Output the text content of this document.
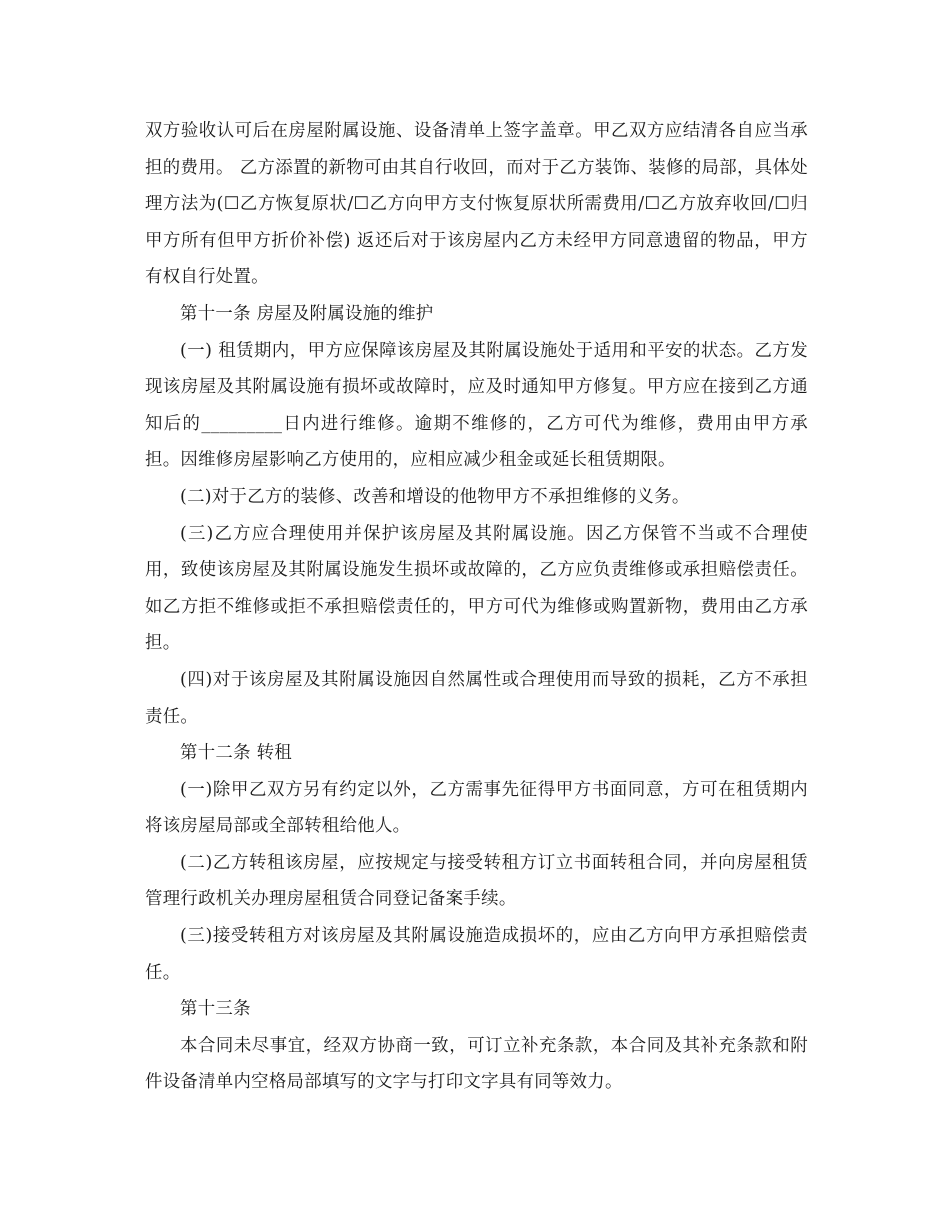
双方验收认可后在房屋附属设施、设备清单上签字盖章。甲乙双方应结清各自应当承担的费用。 乙方添置的新物可由其自行收回，而对于乙方装饰、装修的局部，具体处理方法为(☐乙方恢复原状/☐乙方向甲方支付恢复原状所需费用/☐乙方放弃收回/☐归甲方所有但甲方折价补偿) 返还后对于该房屋内乙方未经甲方同意遗留的物品，甲方有权自行处置。

第十一条 房屋及附属设施的维护

(一) 租赁期内，甲方应保障该房屋及其附属设施处于适用和平安的状态。乙方发现该房屋及其附属设施有损坏或故障时，应及时通知甲方修复。甲方应在接到乙方通知后的_________日内进行维修。逾期不维修的，乙方可代为维修，费用由甲方承担。因维修房屋影响乙方使用的，应相应减少租金或延长租赁期限。

(二)对于乙方的装修、改善和增设的他物甲方不承担维修的义务。

(三)乙方应合理使用并保护该房屋及其附属设施。因乙方保管不当或不合理使用，致使该房屋及其附属设施发生损坏或故障的，乙方应负责维修或承担赔偿责任。如乙方拒不维修或拒不承担赔偿责任的，甲方可代为维修或购置新物，费用由乙方承担。

(四)对于该房屋及其附属设施因自然属性或合理使用而导致的损耗，乙方不承担责任。

第十二条 转租

(一)除甲乙双方另有约定以外，乙方需事先征得甲方书面同意，方可在租赁期内将该房屋局部或全部转租给他人。

(二)乙方转租该房屋，应按规定与接受转租方订立书面转租合同，并向房屋租赁管理行政机关办理房屋租赁合同登记备案手续。

(三)接受转租方对该房屋及其附属设施造成损坏的，应由乙方向甲方承担赔偿责任。

第十三条

本合同未尽事宜，经双方协商一致，可订立补充条款，本合同及其补充条款和附件设备清单内空格局部填写的文字与打印文字具有同等效力。
